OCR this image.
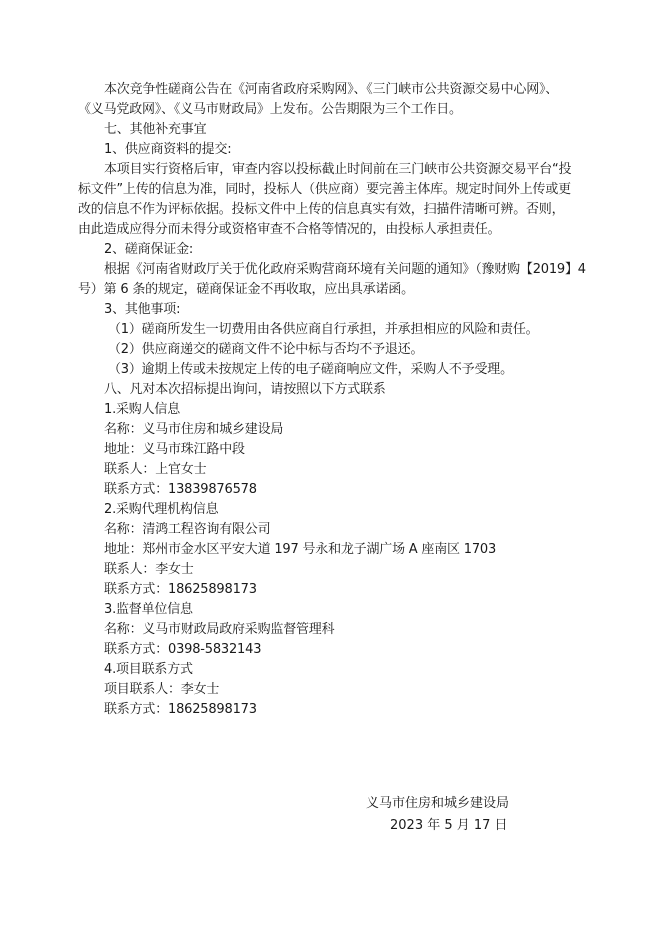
本次竞争性磋商公告在《河南省政府采购网》、《三门峡市公共资源交易中心网》、
《义马党政网》、《义马市财政局》上发布。公告期限为三个工作日。
七、其他补充事宜
1、供应商资料的提交:
本项目实行资格后审，审查内容以投标截止时间前在三门峡市公共资源交易平台“投
标文件”上传的信息为准，同时，投标人（供应商）要完善主体库。规定时间外上传或更
改的信息不作为评标依据。投标文件中上传的信息真实有效，扫描件清晰可辨。否则，
由此造成应得分而未得分或资格审查不合格等情况的，由投标人承担责任。
2、磋商保证金:
根据《河南省财政厅关于优化政府采购营商环境有关问题的通知》（豫财购【2019】4
号）第 6 条的规定，磋商保证金不再收取，应出具承诺函。
3、其他事项:
（1）磋商所发生一切费用由各供应商自行承担，并承担相应的风险和责任。
（2）供应商递交的磋商文件不论中标与否均不予退还。
（3）逾期上传或未按规定上传的电子磋商响应文件，采购人不予受理。
八、凡对本次招标提出询问，请按照以下方式联系
1.采购人信息
名称：义马市住房和城乡建设局
地址：义马市珠江路中段
联系人：上官女士
联系方式：13839876578
2.采购代理机构信息
名称：清鸿工程咨询有限公司
地址：郑州市金水区平安大道 197 号永和龙子湖广场 A 座南区 1703
联系人：李女士
联系方式：18625898173
3.监督单位信息
名称：义马市财政局政府采购监督管理科
联系方式：0398-5832143
4.项目联系方式
项目联系人：李女士
联系方式：18625898173
义马市住房和城乡建设局
2023 年 5 月 17 日
